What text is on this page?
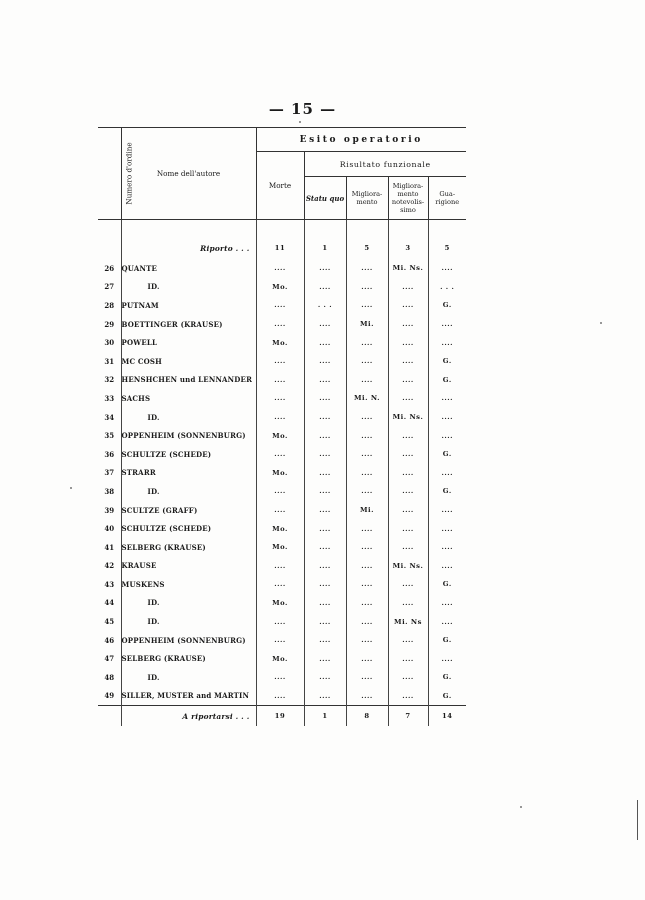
— 15 —
Numero d'ordine	Nome dell'autore	Esito operatorio				
		Morte	Risultato funzionale			
			Statu quo	Migliora-mento	Migliora-mento notevolis-simo	Gua-rigione

	Riporto . . .	11	1	5	3	5
26	QUANTE	....	....	....	Mi. Ns.	....
27	ID.	Mo.	....	....	....	. . .
28	PUTNAM	....	. . .	....	....	G.
29	BOETTINGER (KRAUSE)	....	....	Mi.	....	....
30	POWELL	Mo.	....	....	....	....
31	MC COSH	....	....	....	....	G.
32	HENSHCHEN und LENNANDER	....	....	....	....	G.
33	SACHS	....	....	Mi. N.	....	....
34	ID.	....	....	....	Mi. Ns.	....
35	OPPENHEIM (SONNENBURG)	Mo.	....	....	....	....
36	SCHULTZE (SCHEDE)	....	....	....	....	G.
37	STRARR	Mo.	....	....	....	....
38	ID.	....	....	....	....	G.
39	SCULTZE (GRAFF)	....	....	Mi.	....	....
40	SCHULTZE (SCHEDE)	Mo.	....	....	....	....
41	SELBERG (KRAUSE)	Mo.	....	....	....	....
42	KRAUSE	....	....	....	Mi. Ns.	....
43	MUSKENS	....	....	....	....	G.
44	ID.	Mo.	....	....	....	....
45	ID.	....	....	....	Mi. Ns	....
46	OPPENHEIM (SONNENBURG)	....	....	....	....	G.
47	SELBERG (KRAUSE)	Mo.	....	....	....	....
48	ID.	....	....	....	....	G.
49	SILLER, MUSTER and MARTIN	....	....	....	....	G.
	A riportarsi . . .	19	1	8	7	14
